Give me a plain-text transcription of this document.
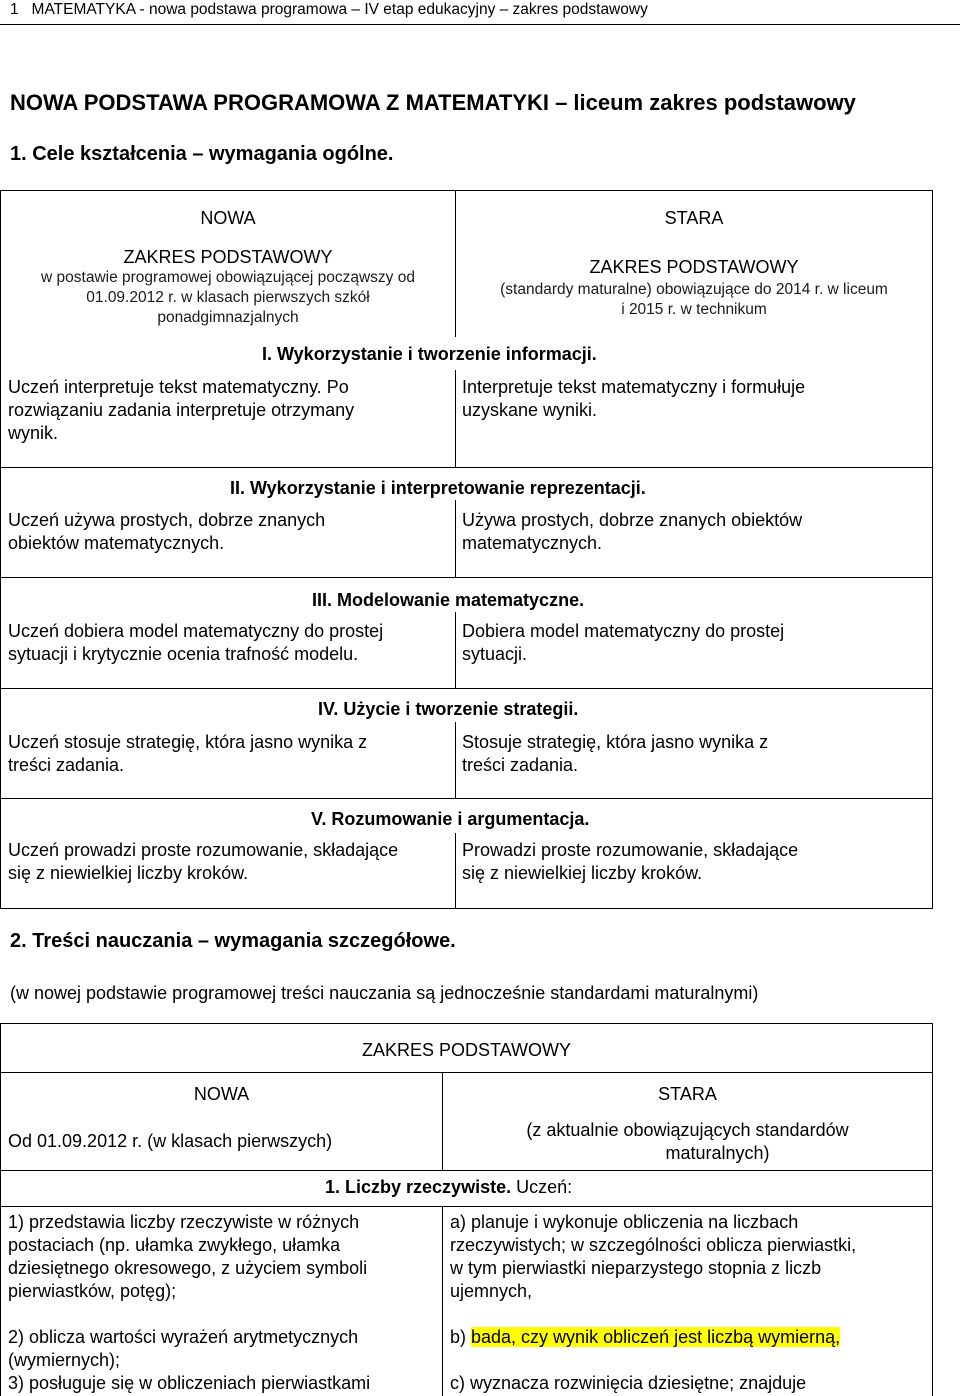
1 MATEMATYKA - nowa podstawa programowa – IV etap edukacyjny – zakres podstawowy
NOWA PODSTAWA PROGRAMOWA Z MATEMATYKI – liceum zakres podstawowy
1. Cele kształcenia – wymagania ogólne.
NOWA
ZAKRES PODSTAWOWY
w postawie programowej obowiązującej począwszy od
01.09.2012 r. w klasach pierwszych szkół
ponadgimnazjalnych
STARA
ZAKRES PODSTAWOWY
(standardy maturalne) obowiązujące do 2014 r. w liceum
i 2015 r. w technikum
I. Wykorzystanie i tworzenie informacji.
Uczeń interpretuje tekst matematyczny. Po
rozwiązaniu zadania interpretuje otrzymany
wynik.
Interpretuje tekst matematyczny i formułuje
uzyskane wyniki.
II. Wykorzystanie i interpretowanie reprezentacji.
Uczeń używa prostych, dobrze znanych
obiektów matematycznych.
Używa prostych, dobrze znanych obiektów
matematycznych.
III. Modelowanie matematyczne.
Uczeń dobiera model matematyczny do prostej
sytuacji i krytycznie ocenia trafność modelu.
Dobiera model matematyczny do prostej
sytuacji.
IV. Użycie i tworzenie strategii.
Uczeń stosuje strategię, która jasno wynika z
treści zadania.
Stosuje strategię, która jasno wynika z
treści zadania.
V. Rozumowanie i argumentacja.
Uczeń prowadzi proste rozumowanie, składające
się z niewielkiej liczby kroków.
Prowadzi proste rozumowanie, składające
się z niewielkiej liczby kroków.
2. Treści nauczania – wymagania szczegółowe.
(w nowej podstawie programowej treści nauczania są jednocześnie standardami maturalnymi)
ZAKRES PODSTAWOWY
NOWA	STARA
Od 01.09.2012 r. (w klasach pierwszych)
(z aktualnie obowiązujących standardów
maturalnych)
1. Liczby rzeczywiste. Uczeń:
1) przedstawia liczby rzeczywiste w różnych
postaciach (np. ułamka zwykłego, ułamka
dziesiętnego okresowego, z użyciem symboli
pierwiastków, potęg);
2) oblicza wartości wyrażeń arytmetycznych
(wymiernych);
3) posługuje się w obliczeniach pierwiastkami
a) planuje i wykonuje obliczenia na liczbach
rzeczywistych; w szczególności oblicza pierwiastki,
w tym pierwiastki nieparzystego stopnia z liczb
ujemnych,
b) bada, czy wynik obliczeń jest liczbą wymierną,
c) wyznacza rozwinięcia dziesiętne; znajduje
